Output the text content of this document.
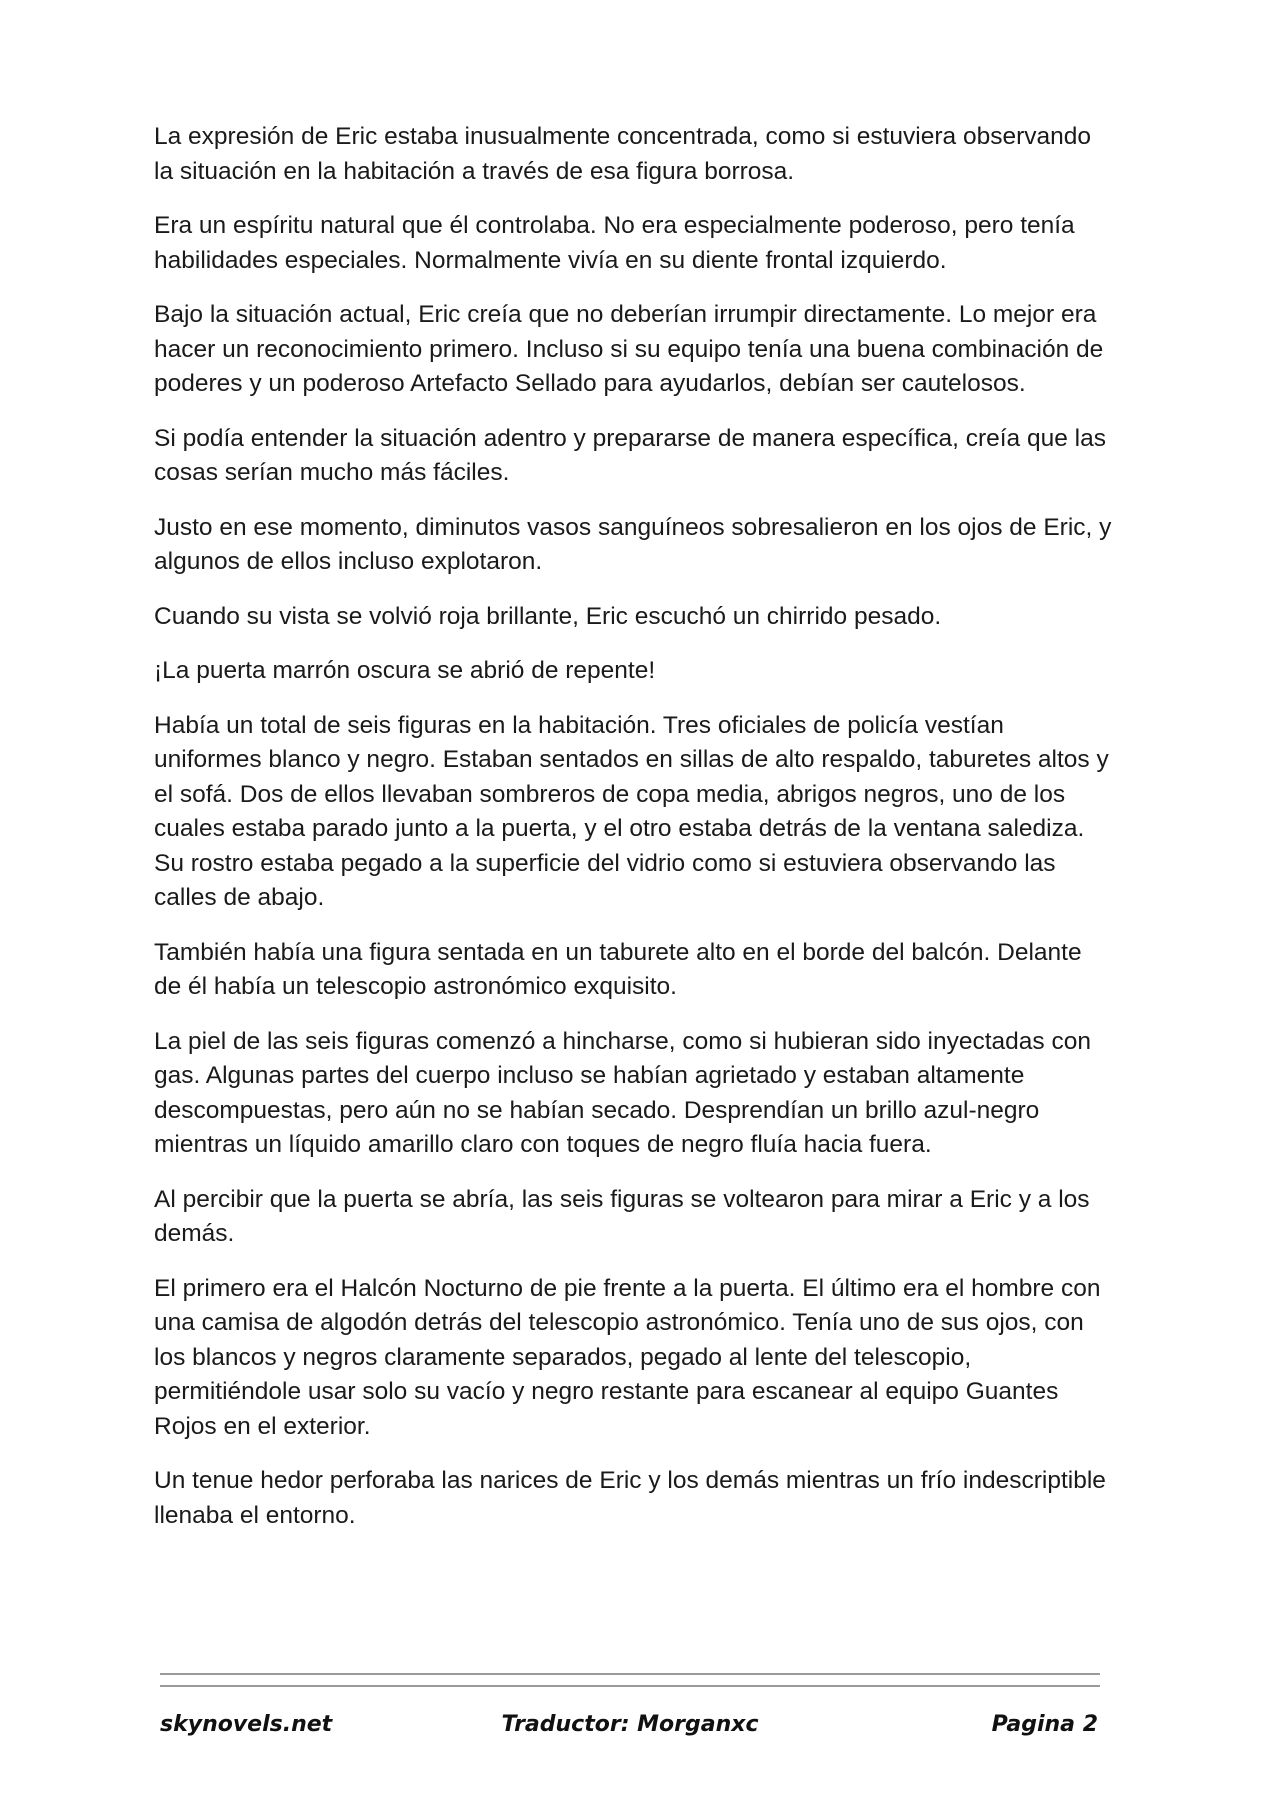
La expresión de Eric estaba inusualmente concentrada, como si estuviera observando la situación en la habitación a través de esa figura borrosa.

Era un espíritu natural que él controlaba. No era especialmente poderoso, pero tenía habilidades especiales. Normalmente vivía en su diente frontal izquierdo.

Bajo la situación actual, Eric creía que no deberían irrumpir directamente. Lo mejor era hacer un reconocimiento primero. Incluso si su equipo tenía una buena combinación de poderes y un poderoso Artefacto Sellado para ayudarlos, debían ser cautelosos.

Si podía entender la situación adentro y prepararse de manera específica, creía que las cosas serían mucho más fáciles.

Justo en ese momento, diminutos vasos sanguíneos sobresalieron en los ojos de Eric, y algunos de ellos incluso explotaron.

Cuando su vista se volvió roja brillante, Eric escuchó un chirrido pesado.

¡La puerta marrón oscura se abrió de repente!

Había un total de seis figuras en la habitación. Tres oficiales de policía vestían uniformes blanco y negro. Estaban sentados en sillas de alto respaldo, taburetes altos y el sofá. Dos de ellos llevaban sombreros de copa media, abrigos negros, uno de los cuales estaba parado junto a la puerta, y el otro estaba detrás de la ventana saledіza. Su rostro estaba pegado a la superficie del vidrio como si estuviera observando las calles de abajo.

También había una figura sentada en un taburete alto en el borde del balcón. Delante de él había un telescopio astronómico exquisito.

La piel de las seis figuras comenzó a hincharse, como si hubieran sido inyectadas con gas. Algunas partes del cuerpo incluso se habían agrietado y estaban altamente descompuestas, pero aún no se habían secado. Desprendían un brillo azul-negro mientras un líquido amarillo claro con toques de negro fluía hacia fuera.

Al percibir que la puerta se abría, las seis figuras se voltearon para mirar a Eric y a los demás.

El primero era el Halcón Nocturno de pie frente a la puerta. El último era el hombre con una camisa de algodón detrás del telescopio astronómico. Tenía uno de sus ojos, con los blancos y negros claramente separados, pegado al lente del telescopio, permitiéndole usar solo su vacío y negro restante para escanear al equipo Guantes Rojos en el exterior.

Un tenue hedor perforaba las narices de Eric y los demás mientras un frío indescriptible llenaba el entorno.

skynovels.net	Traductor: Morganxc	Pagina 2
